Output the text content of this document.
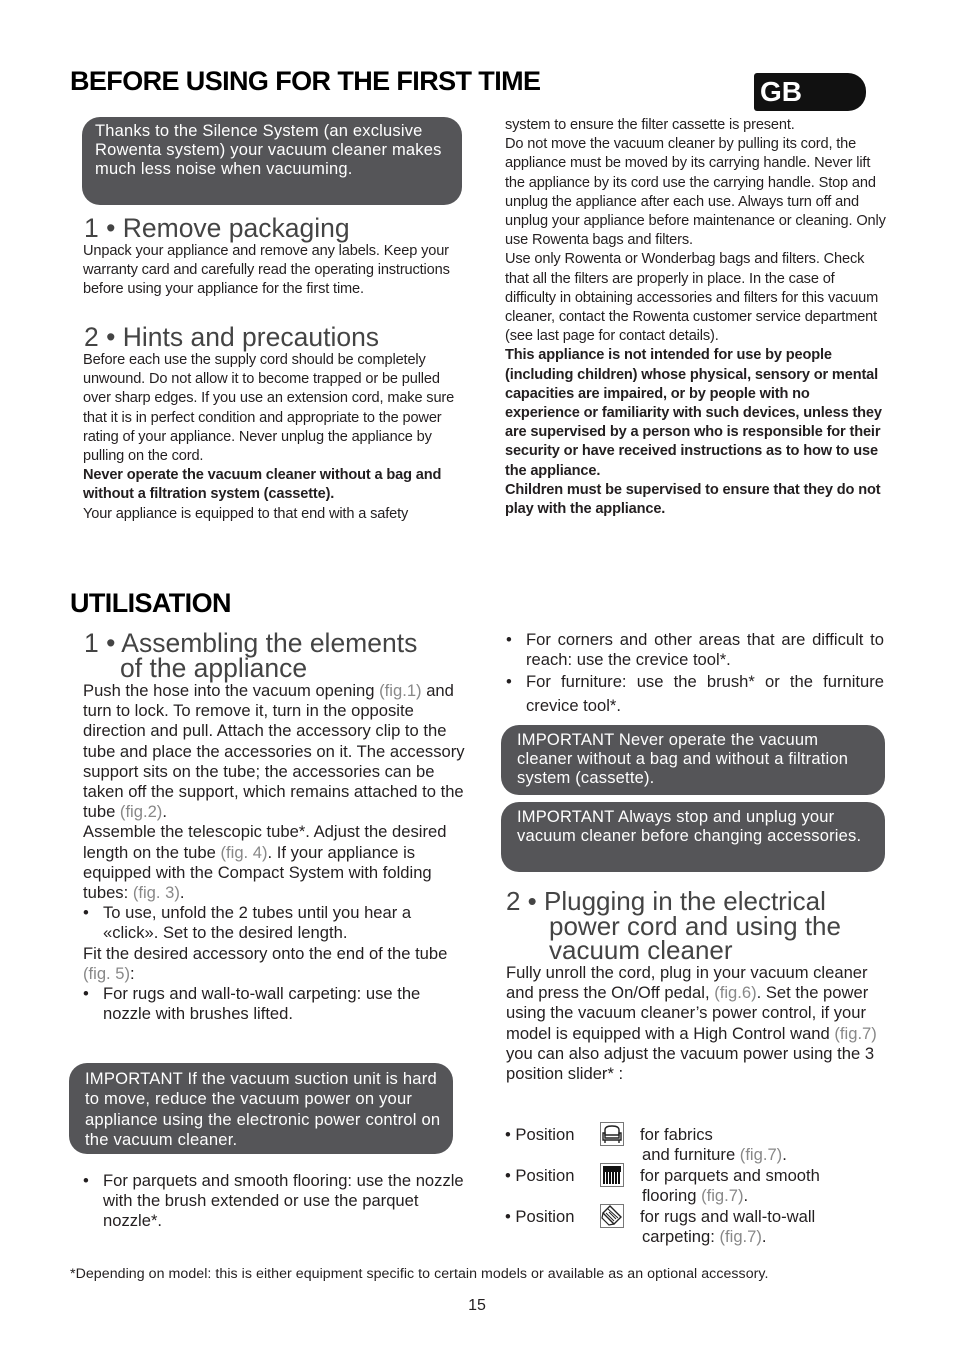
BEFORE USING FOR THE FIRST TIME	GB
Thanks to the Silence System (an exclusive Rowenta system) your vacuum cleaner makes much less noise when vacuuming.
1 • Remove packaging

Unpack your appliance and remove any labels. Keep your warranty card and carefully read the operating instructions before using your appliance for the first time.

2 • Hints and precautions

Before each use the supply cord should be completely unwound. Do not allow it to become trapped or be pulled over sharp edges. If you use an extension cord, make sure that it is in perfect condition and appropriate to the power rating of your appliance. Never unplug the appliance by pulling on the cord.

Never operate the vacuum cleaner without a bag and without a filtration system (cassette).

Your appliance is equipped to that end with a safety

system to ensure the filter cassette is present.

Do not move the vacuum cleaner by pulling its cord, the appliance must be moved by its carrying handle. Never lift the appliance by its cord use the carrying handle. Stop and unplug the appliance after each use. Always turn off and unplug your appliance before maintenance or cleaning. Only use Rowenta bags and filters.

Use only Rowenta or Wonderbag bags and filters. Check that all the filters are properly in place. In the case of difficulty in obtaining accessories and filters for this vacuum cleaner, contact the Rowenta customer service department (see last page for contact details).

This appliance is not intended for use by people (including children) whose physical, sensory or mental capacities are impaired, or by people with no experience or familiarity with such devices, unless they are supervised by a person who is responsible for their security or have received instructions as to how to use the appliance.

Children must be supervised to ensure that they do not play with the appliance.

UTILISATION
1 • Assembling the elements
of the appliance

Push the hose into the vacuum opening (fig.1) and turn to lock. To remove it, turn in the opposite direction and pull. Attach the accessory clip to the tube and place the accessories on it. The accessory support sits on the tube; the accessories can be taken off the support, which remains attached to the tube (fig.2).

Assemble the telescopic tube*. Adjust the desired length on the tube (fig. 4). If your appliance is equipped with the Compact System with folding tubes: (fig. 3).

• To use, unfold the 2 tubes until you hear a «click». Set to the desired length.

Fit the desired accessory onto the end of the tube (fig. 5):

• For rugs and wall-to-wall carpeting: use the nozzle with brushes lifted.
IMPORTANT If the vacuum suction unit is hard to move, reduce the vacuum power on your appliance using the electronic power control on the vacuum cleaner.
• For parquets and smooth flooring: use the nozzle with the brush extended or use the parquet nozzle*.
• For corners and other areas that are difficult to reach: use the crevice tool*.
• For furniture: use the brush* or the furniture crevice tool*.
IMPORTANT Never operate the vacuum cleaner without a bag and without a filtration system (cassette).
IMPORTANT Always stop and unplug your vacuum cleaner before changing accessories.
2 • Plugging in the electrical
power cord and using the
vacuum cleaner

Fully unroll the cord, plug in your vacuum cleaner and press the On/Off pedal, (fig.6). Set the power using the vacuum cleaner’s power control, if your model is equipped with a High Control wand (fig.7) you can also adjust the vacuum power using the 3 position slider* :

• Position	for fabrics
and furniture (fig.7).
• Position	for parquets and smooth
flooring (fig.7).
• Position	for rugs and wall-to-wall
carpeting: (fig.7).
*Depending on model: this is either equipment specific to certain models or available as an optional accessory.
15
